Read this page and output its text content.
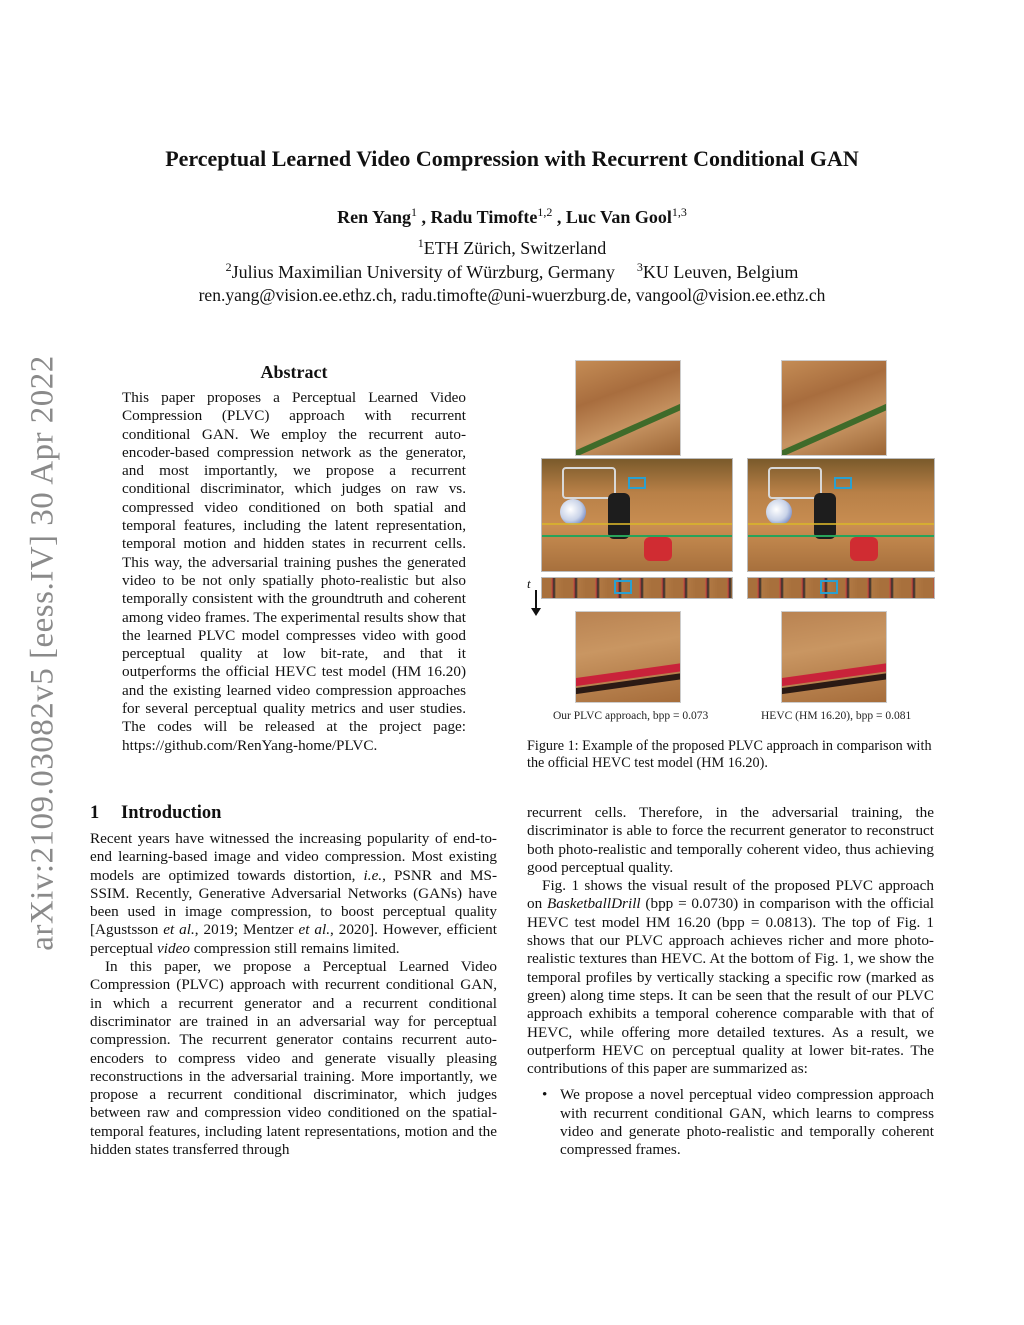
arXiv:2109.03082v5 [eess.IV] 30 Apr 2022
Perceptual Learned Video Compression with Recurrent Conditional GAN
Ren Yang$^1$ , Radu Timofte$^{1,2}$ , Luc Van Gool$^{1,3}$
$^1$ETH Zürich, Switzerland
$^2$Julius Maximilian University of Würzburg, Germany $^3$KU Leuven, Belgium
ren.yang@vision.ee.ethz.ch, radu.timofte@uni-wuerzburg.de, vangool@vision.ee.ethz.ch
Abstract
This paper proposes a Perceptual Learned Video Compression (PLVC) approach with recurrent conditional GAN. We employ the recurrent auto-encoder-based compression network as the generator, and most importantly, we propose a recurrent conditional discriminator, which judges on raw vs. compressed video conditioned on both spatial and temporal features, including the latent representation, temporal motion and hidden states in recurrent cells. This way, the adversarial training pushes the generated video to be not only spatially photo-realistic but also temporally consistent with the groundtruth and coherent among video frames. The experimental results show that the learned PLVC model compresses video with good perceptual quality at low bit-rate, and that it outperforms the official HEVC test model (HM 16.20) and the existing learned video compression approaches for several perceptual quality metrics and user studies. The codes will be released at the project page: https://github.com/RenYang-home/PLVC.
1 Introduction

Recent years have witnessed the increasing popularity of end-to-end learning-based image and video compression. Most existing models are optimized towards distortion, i.e., PSNR and MS-SSIM. Recently, Generative Adversarial Networks (GANs) have been used in image compression, to boost perceptual quality [Agustsson et al., 2019; Mentzer et al., 2020]. However, efficient perceptual video compression still remains limited.

In this paper, we propose a Perceptual Learned Video Compression (PLVC) approach with recurrent conditional GAN, in which a recurrent generator and a recurrent conditional discriminator are trained in an adversarial way for perceptual compression. The recurrent generator contains recurrent auto-encoders to compress video and generate visually pleasing reconstructions in the adversarial training. More importantly, we propose a recurrent conditional discriminator, which judges between raw and compression video conditioned on the spatial-temporal features, including latent representations, motion and the hidden states transferred through

recurrent cells. Therefore, in the adversarial training, the discriminator is able to force the recurrent generator to reconstruct both photo-realistic and temporally coherent video, thus achieving good perceptual quality.

Fig. 1 shows the visual result of the proposed PLVC approach on BasketballDrill (bpp = 0.0730) in comparison with the official HEVC test model HM 16.20 (bpp = 0.0813). The top of Fig. 1 shows that our PLVC approach achieves richer and more photo-realistic textures than HEVC. At the bottom of Fig. 1, we show the temporal profiles by vertically stacking a specific row (marked as green) along time steps. It can be seen that the result of our PLVC approach exhibits a temporal coherence comparable with that of HEVC, while offering more detailed textures. As a result, we outperform HEVC on perceptual quality at lower bit-rates. The contributions of this paper are summarized as:

• We propose a novel perceptual video compression approach with recurrent conditional GAN, which learns to compress video and generate photo-realistic and temporally coherent compressed frames.
t
Our PLVC approach, bpp = 0.073	HEVC (HM 16.20), bpp = 0.081
Figure 1: Example of the proposed PLVC approach in comparison with the official HEVC test model (HM 16.20).
